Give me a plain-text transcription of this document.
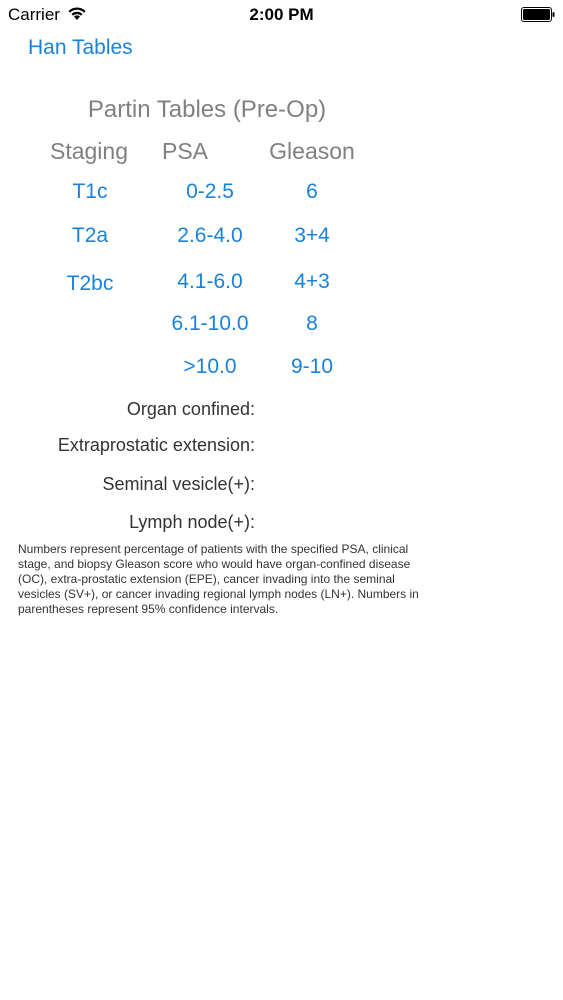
Carrier	2:00 PM
Han Tables
Partin Tables (Pre-Op)
Staging PSA	Gleason
T1c
T2a
T2bc
0-2.5
2.6-4.0
4.1-6.0
6.1-10.0
>10.0
6
3+4
4+3
8
9-10
Organ confined:
Extraprostatic extension:
Seminal vesicle(+):
Lymph node(+):
Numbers represent percentage of patients with the specified PSA, clinical stage, and biopsy Gleason score who would have organ-confined disease (OC), extra-prostatic extension (EPE), cancer invading into the seminal vesicles (SV+), or cancer invading regional lymph nodes (LN+). Numbers in parentheses represent 95% confidence intervals.
